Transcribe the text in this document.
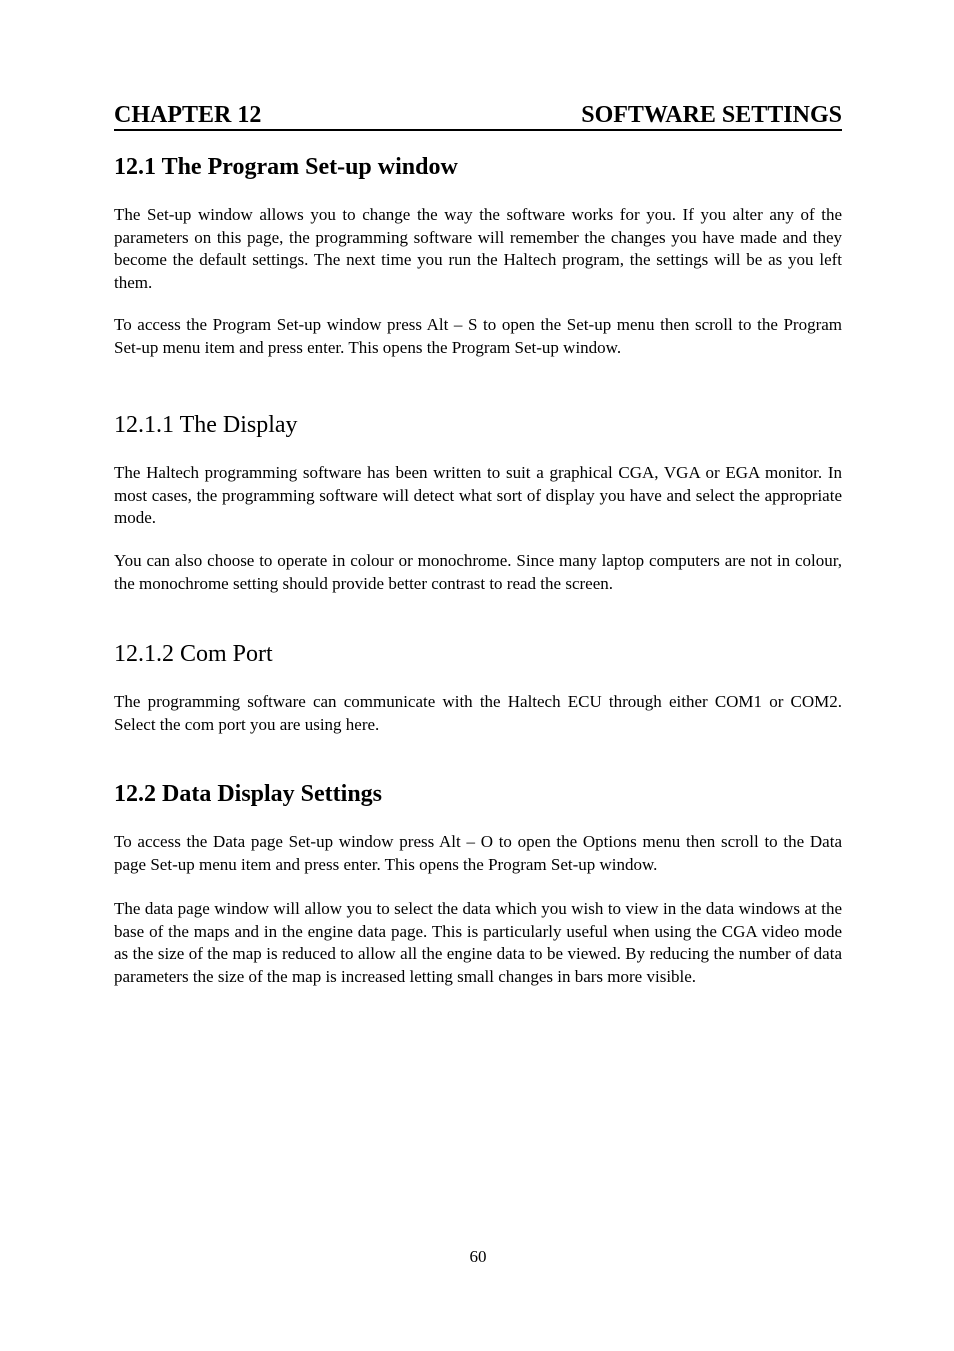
CHAPTER 12	SOFTWARE SETTINGS
12.1 The Program Set-up window

The Set-up window allows you to change the way the software works for you. If you alter any of the parameters on this page, the programming software will remember the changes you have made and they become the default settings. The next time you run the Haltech program, the settings will be as you left them.

To access the Program Set-up window press Alt – S to open the Set-up menu then scroll to the Program Set-up menu item and press enter. This opens the Program Set-up window.

12.1.1 The Display

The Haltech programming software has been written to suit a graphical CGA, VGA or EGA monitor. In most cases, the programming software will detect what sort of display you have and select the appropriate mode.

You can also choose to operate in colour or monochrome. Since many laptop computers are not in colour, the monochrome setting should provide better contrast to read the screen.

12.1.2 Com Port

The programming software can communicate with the Haltech ECU through either COM1 or COM2. Select the com port you are using here.

12.2 Data Display Settings

To access the Data page Set-up window press Alt – O to open the Options menu then scroll to the Data page Set-up menu item and press enter. This opens the Program Set-up window.

The data page window will allow you to select the data which you wish to view in the data windows at the base of the maps and in the engine data page. This is particularly useful when using the CGA video mode as the size of the map is reduced to allow all the engine data to be viewed. By reducing the number of data parameters the size of the map is increased letting small changes in bars more visible.

60
